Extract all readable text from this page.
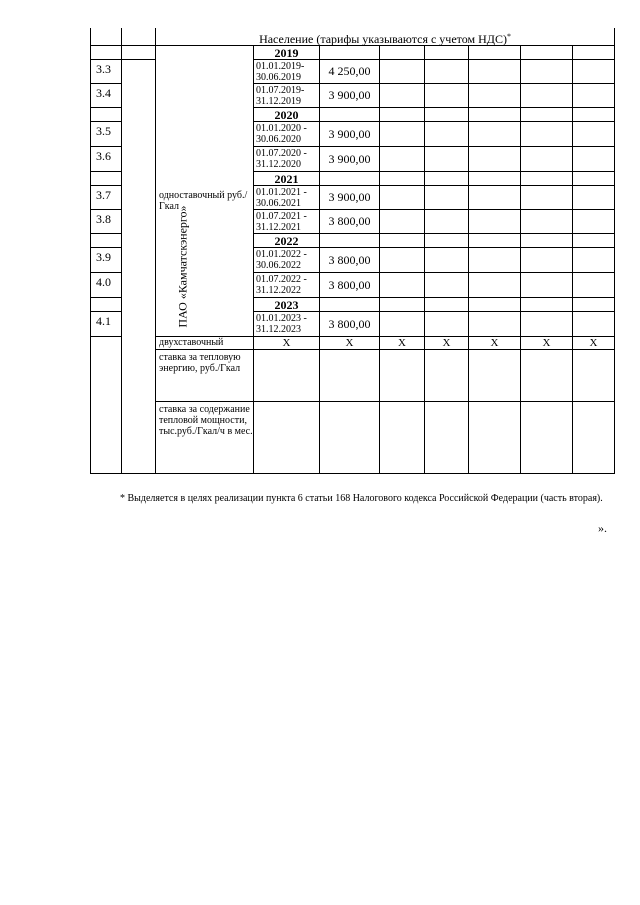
		Население (тарифы указываются с учетом НДС)*

		одноставочный руб./Гкал	2019							
3.3	ПАО «Камчатскэнерго»		01.01.2019-30.06.2019	4 250,00						
3.4			01.07.2019-31.12.2019	3 900,00						
			2020							
3.5			01.01.2020 - 30.06.2020	3 900,00						
3.6			01.07.2020 - 31.12.2020	3 900,00						
			2021							
3.7			01.01.2021 - 30.06.2021	3 900,00						
3.8			01.07.2021 - 31.12.2021	3 800,00						
			2022							
3.9			01.01.2022 - 30.06.2022	3 800,00						
4.0			01.07.2022 - 31.12.2022	3 800,00						
			2023							
4.1			01.01.2023 - 31.12.2023	3 800,00						
		двухставочный	Х	Х	Х	Х	Х	Х	Х	
		ставка за тепловую энергию, руб./Гкал								
		ставка за содержание тепловой мощности, тыс.руб./Гкал/ч в мес.								
* Выделяется в целях реализации пункта 6 статьи 168 Налогового кодекса Российской Федерации (часть вторая).
».
